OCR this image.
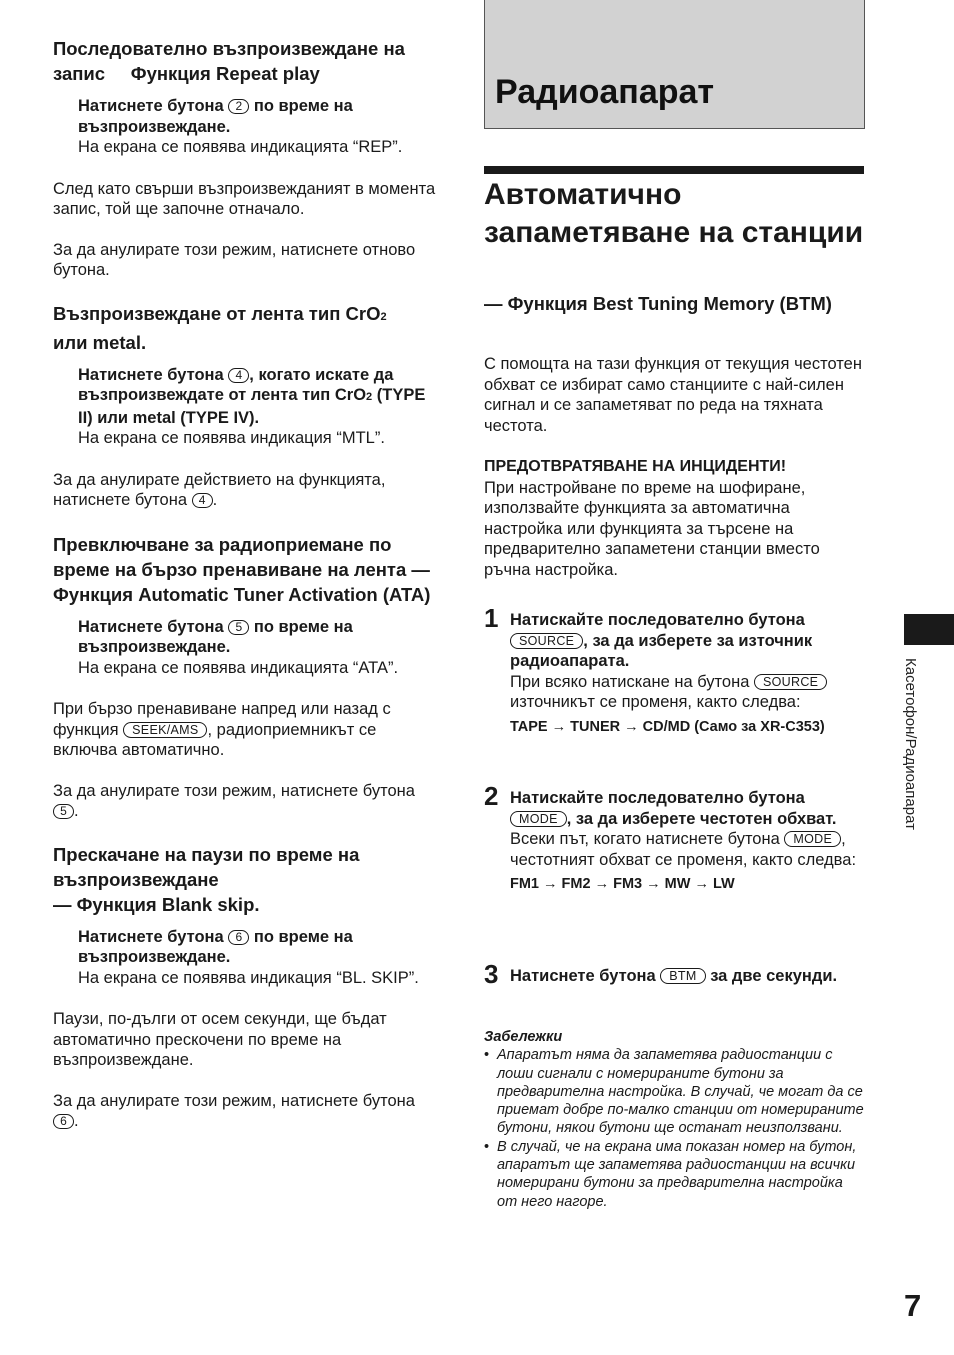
Последователно възпроизвеждане на запис Функция Repeat play

Натиснете бутона 2 по време на възпроизвеждане.
На екрана се появява индикацията “REP”.

След като свърши възпроизвежданият в момента запис, той ще започне отначало.

За да анулирате този режим, натиснете отново бутона.

Възпроизвеждане от лента тип CrO2
или metal.

Натиснете бутона 4 , когато искате да възпроизвеждате от лента тип CrO2 (TYPE II) или metal (TYPE IV).
На екрана се появява индикация “MTL”.

За да анулирате действието на функцията, натиснете бутона 4 .

Превключване за радиоприемане по време на бързо пренавиване на лента — Функция Automatic Tuner Activation (ATA)

Натиснете бутона 5 по време на възпроизвеждане.
На екрана се появява индикацията “ATA”.

При бързо пренавиване напред или назад с функция SEEK/AMS , радиоприемникът се включва автоматично.

За да анулирате този режим, натиснете бутона 5 .

Прескачане на паузи по време на възпроизвеждане
— Функция Blank skip.

Натиснете бутона 6 по време на възпроизвеждане.
На екрана се появява индикация “BL. SKIP”.

Паузи, по-дълги от осем секунди, ще бъдат автоматично прескочени по време на възпроизвеждане.

За да анулирате този режим, натиснете бутона 6 .

Радиоапарат
Автоматично запаметяване на станции

— Функция Best Tuning Memory (BTM)

С помощта на тази функция от текущия честотен обхват се избират само станциите с най-силен сигнал и се запаметяват по реда на тяхната честота.

ПРЕДОТВРАТЯВАНЕ НА ИНЦИДЕНТИ!
При настройване по време на шофиране, използвайте функцията за автоматична настройка или функцията за търсене на предварително запаметени станции вместо ръчна настройка.
1 Натискайте последователно бутона SOURCE , за да изберете за източник радиоапарата.
При всяко натискане на бутона SOURCE източникът се променя, както следва:
TAPE → TUNER → CD/MD (Само за XR-C353)
2 Натискайте последователно бутона MODE , за да изберете честотен обхват.
Всеки път, когато натиснете бутона MODE , честотният обхват се променя, както следва:
FM1 → FM2 → FM3 → MW → LW
3 Натиснете бутона BTM за две секунди.
Забележки
• Апаратът няма да запаметява радиостанции с лоши сигнали с номерираните бутони за предварителна настройка. В случай, че могат да се приемат добре по-малко станции от номерираните бутони, някои бутони ще останат неизползвани.
• В случай, че на екрана има показан номер на бутон, апаратът ще запаметява радиостанции на всички номерирани бутони за предварителна настройка от него нагоре.
Касетофон/Радиоапарат
7
